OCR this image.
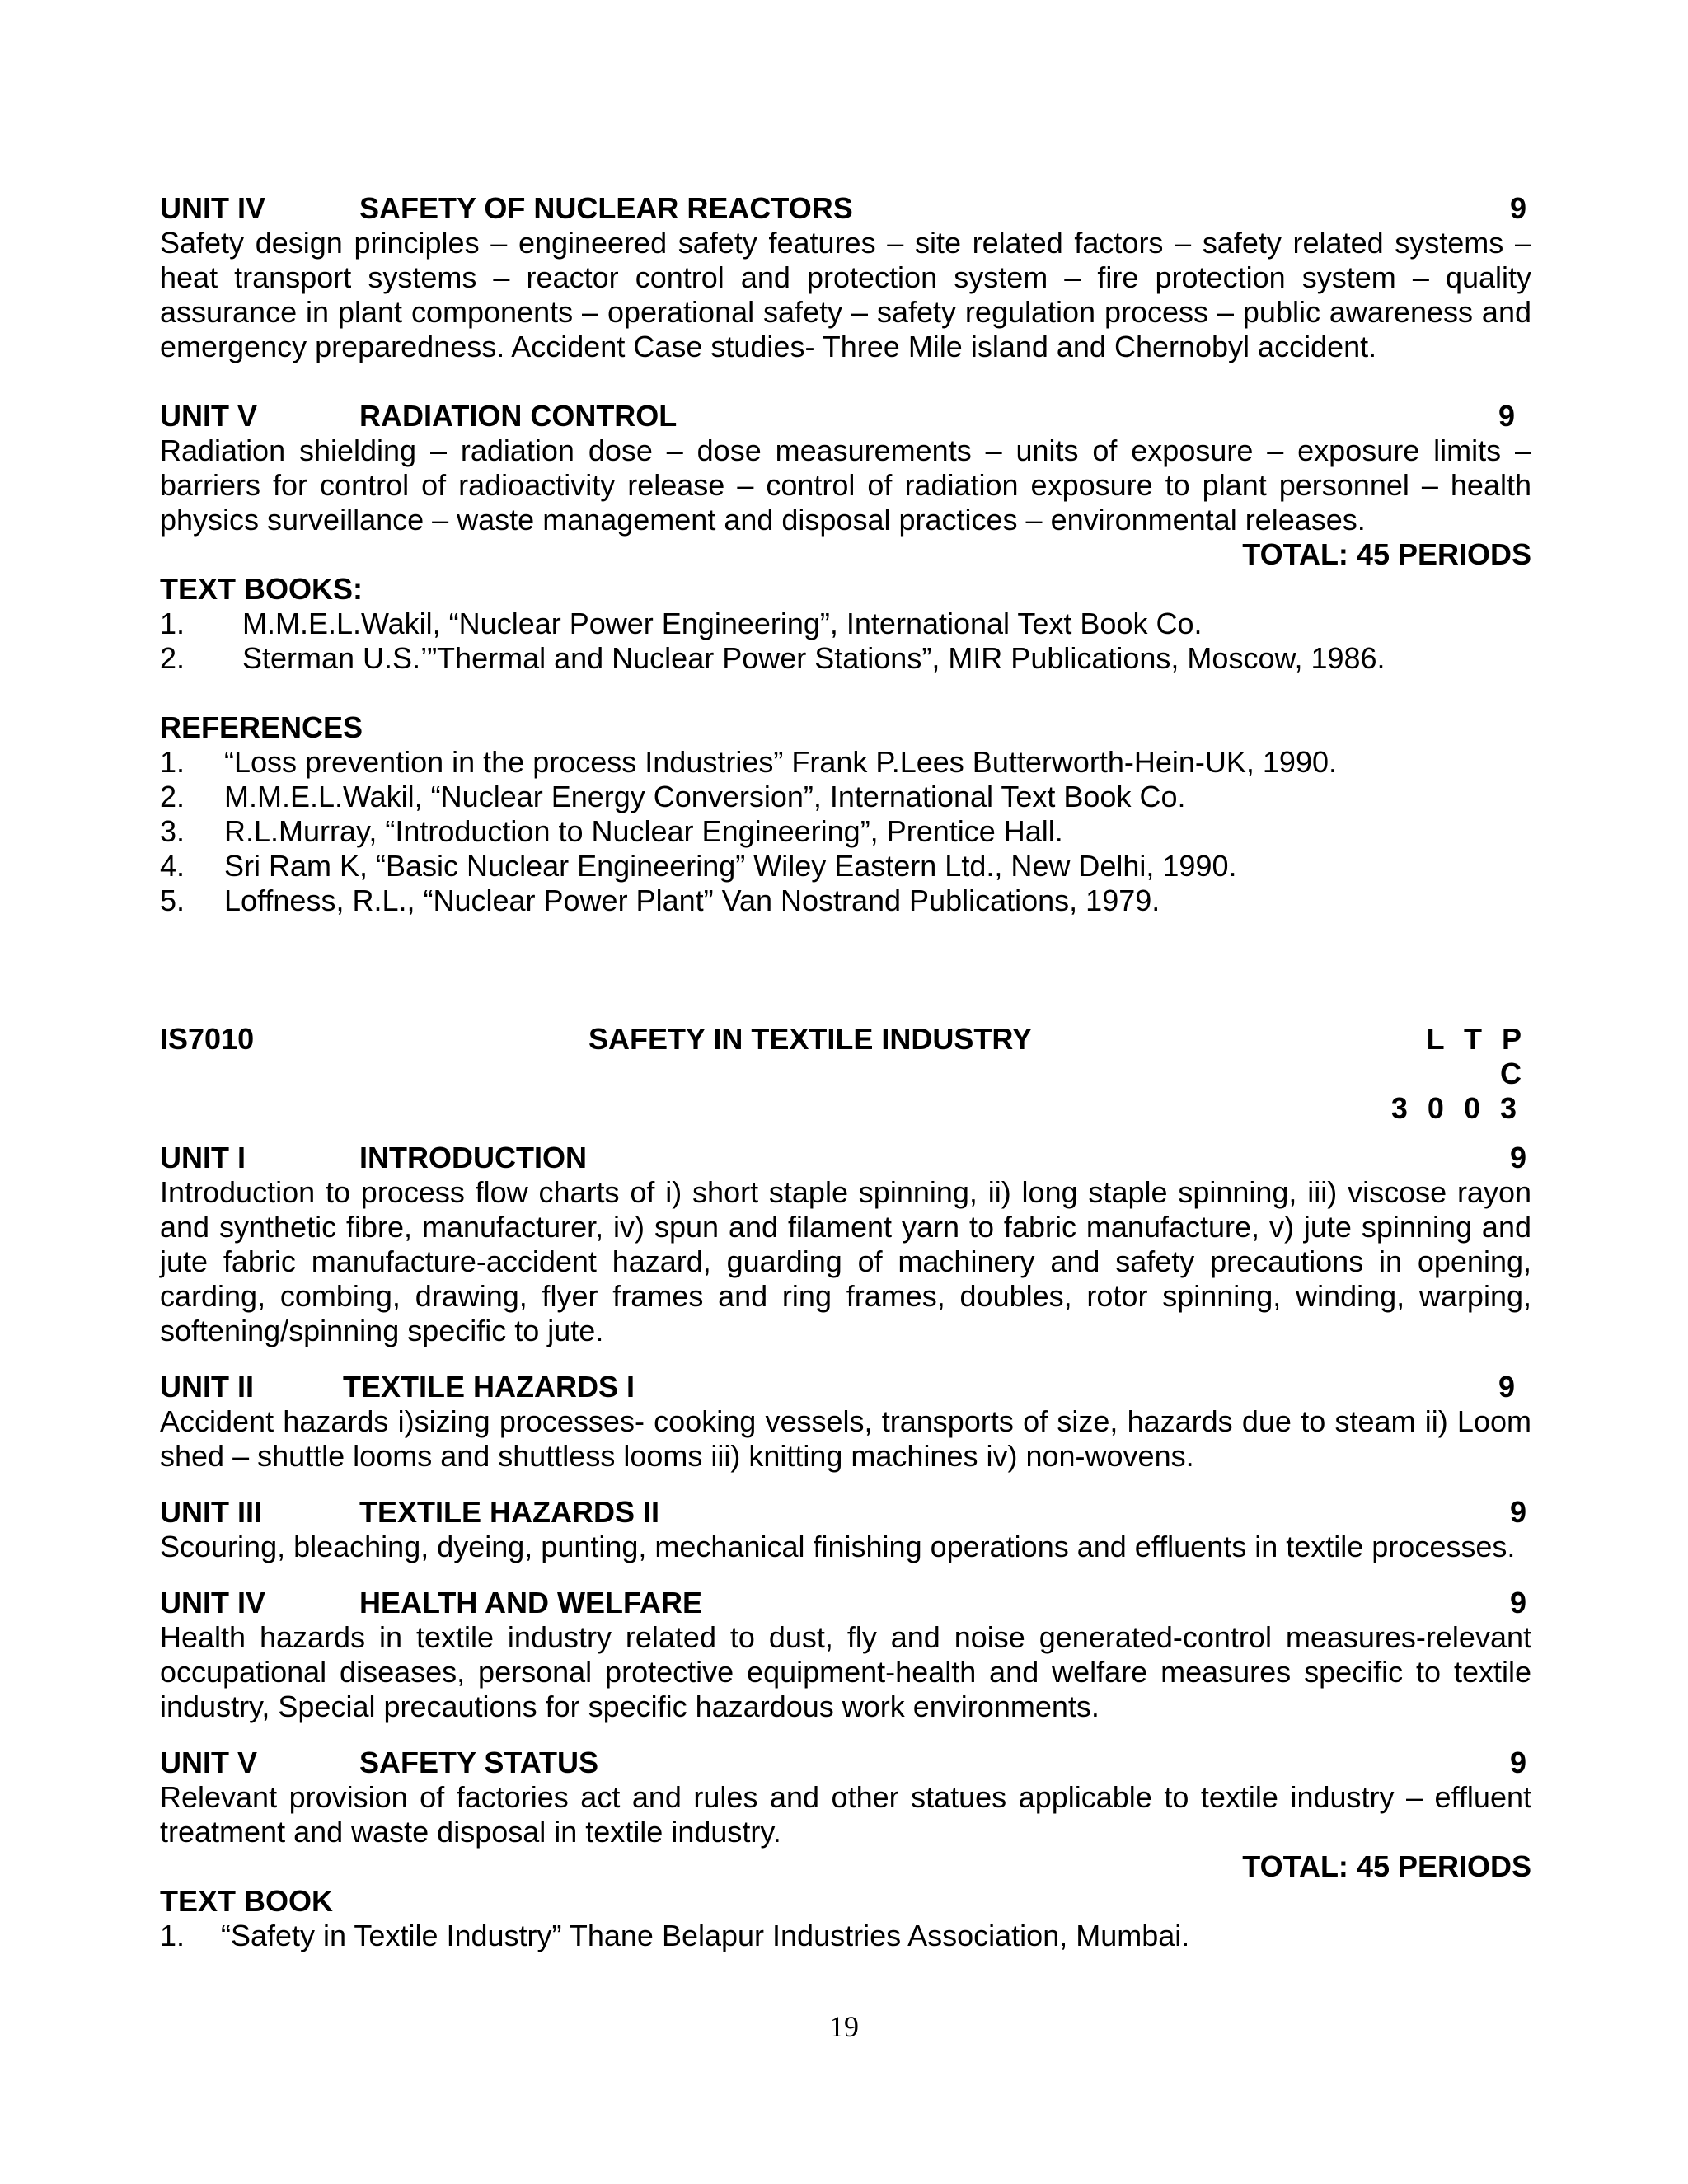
UNIT IV	SAFETY OF NUCLEAR REACTORS	9

Safety design principles – engineered safety features – site related factors – safety related systems – heat transport systems – reactor control and protection system – fire protection system – quality assurance in plant components – operational safety – safety regulation process – public awareness and emergency preparedness. Accident Case studies- Three Mile island and Chernobyl accident.

UNIT V	RADIATION CONTROL	9

Radiation shielding – radiation dose – dose measurements – units of exposure – exposure limits – barriers for control of radioactivity release – control of radiation exposure to plant personnel – health physics surveillance – waste management and disposal practices – environmental releases.

TOTAL: 45 PERIODS
TEXT BOOKS:
1.	M.M.E.L.Wakil, “Nuclear Power Engineering”, International Text Book Co.
2.	Sterman U.S.’”Thermal and Nuclear Power Stations”, MIR Publications, Moscow, 1986.
REFERENCES
1.	“Loss prevention in the process Industries” Frank P.Lees Butterworth-Hein-UK, 1990.
2.	M.M.E.L.Wakil, “Nuclear Energy Conversion”, International Text Book Co.
3.	R.L.Murray, “Introduction to Nuclear Engineering”, Prentice Hall.
4.	Sri Ram K, “Basic Nuclear Engineering” Wiley Eastern Ltd., New Delhi, 1990.
5.	Loffness, R.L., “Nuclear Power Plant” Van Nostrand Publications, 1979.
IS7010	SAFETY IN TEXTILE INDUSTRY	L T P C
3 0 0 3
UNIT I	INTRODUCTION	9

Introduction to process flow charts of i) short staple spinning, ii) long staple spinning, iii) viscose rayon and synthetic fibre, manufacturer, iv) spun and filament yarn to fabric manufacture, v) jute spinning and jute fabric manufacture-accident hazard, guarding of machinery and safety precautions in opening, carding, combing, drawing, flyer frames and ring frames, doubles, rotor spinning, winding, warping, softening/spinning specific to jute.

UNIT II	TEXTILE HAZARDS I	9

Accident hazards i)sizing processes- cooking vessels, transports of size, hazards due to steam ii) Loom shed – shuttle looms and shuttless looms iii) knitting machines iv) non-wovens.

UNIT III	TEXTILE HAZARDS II	9

Scouring, bleaching, dyeing, punting, mechanical finishing operations and effluents in textile processes.

UNIT IV	HEALTH AND WELFARE	9

Health hazards in textile industry related to dust, fly and noise generated-control measures-relevant occupational diseases, personal protective equipment-health and welfare measures specific to textile industry, Special precautions for specific hazardous work environments.

UNIT V	SAFETY STATUS	9

Relevant provision of factories act and rules and other statues applicable to textile industry – effluent treatment and waste disposal in textile industry.

TOTAL: 45 PERIODS
TEXT BOOK
1.	“Safety in Textile Industry” Thane Belapur Industries Association, Mumbai.
19
